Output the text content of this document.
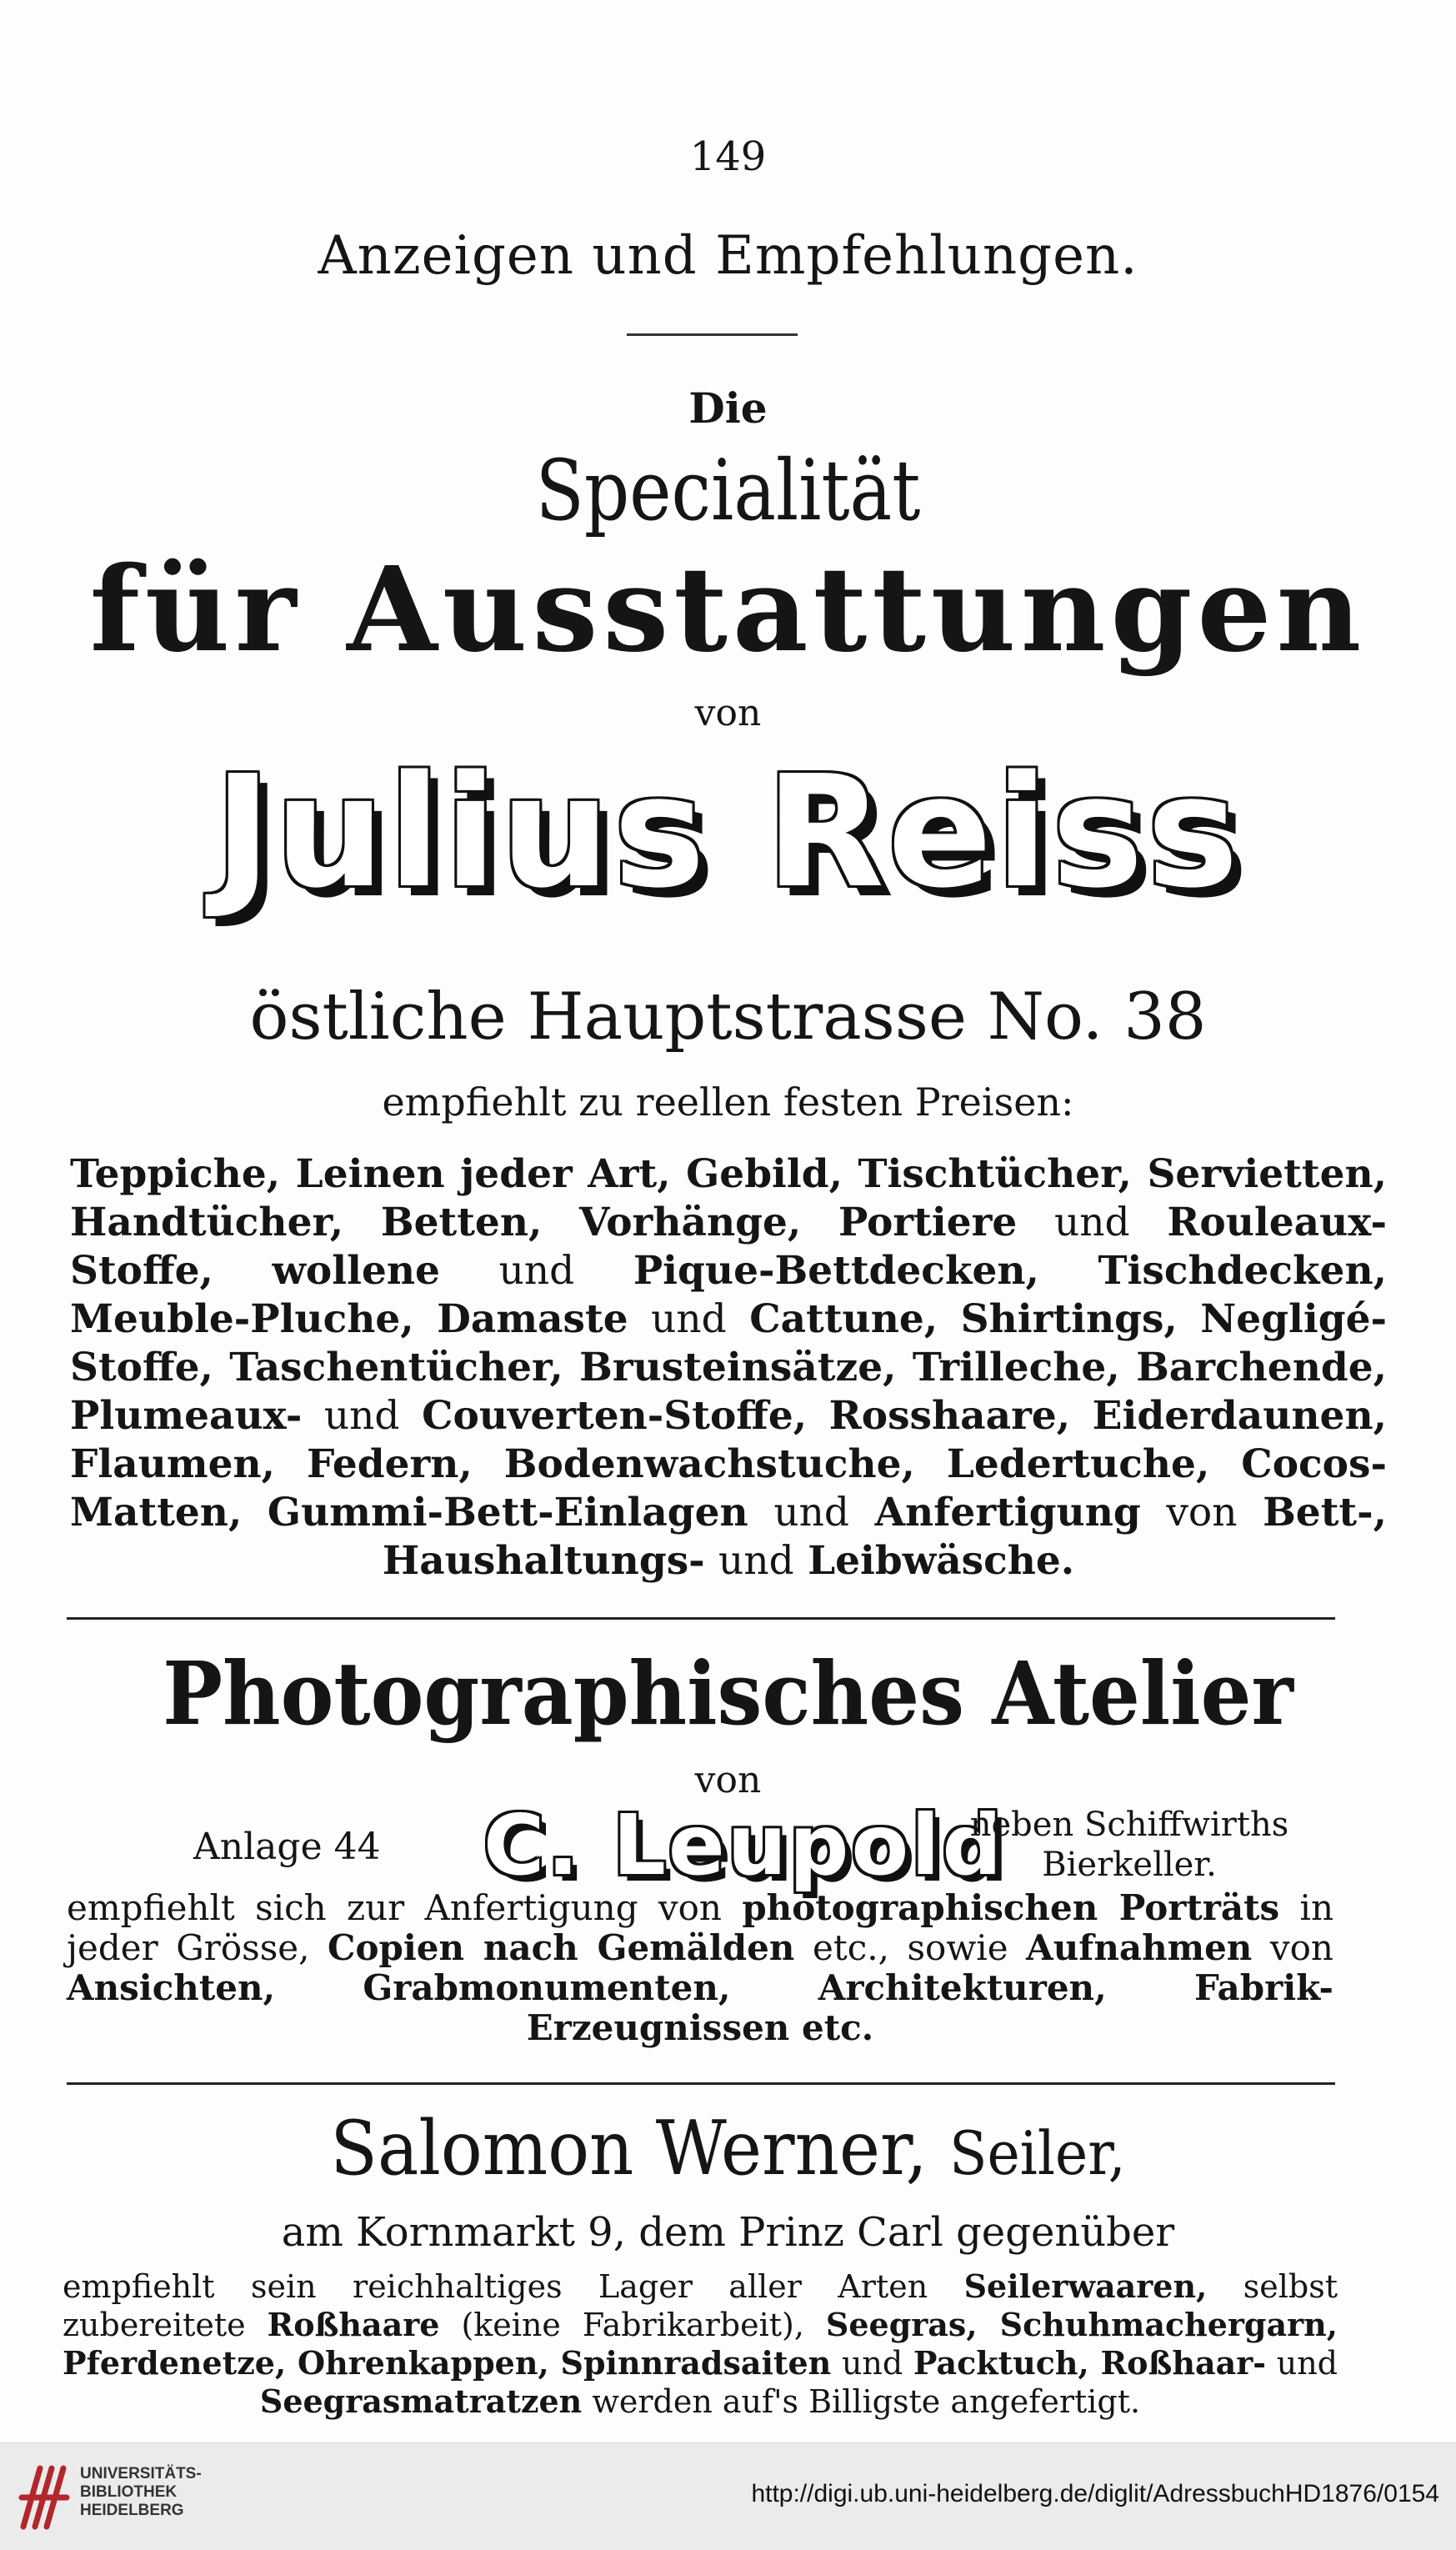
149
Anzeigen und Empfehlungen.
Die
Specialität
für Ausstattungen
von
Julius Reiss
östliche Hauptstrasse No. 38
empfiehlt zu reellen festen Preisen:
Teppiche, Leinen jeder Art, Gebild, Tischtücher, Servietten, Handtücher, Betten, Vorhänge, Portiere und Rouleaux-Stoffe, wollene und Pique-Bettdecken, Tischdecken, Meuble-Pluche, Damaste und Cattune, Shirtings, Negligé-Stoffe, Taschentücher, Brusteinsätze, Trilleche, Barchende, Plumeaux- und Couverten-Stoffe, Rosshaare, Eiderdaunen, Flaumen, Federn, Bodenwachstuche, Ledertuche, Cocos-Matten, Gummi-Bett-Einlagen und Anfertigung von Bett-, Haushaltungs- und Leibwäsche.
Photographisches Atelier
von
Anlage 44 C. Leupold
neben Schiffwirths
Bierkeller.
empfiehlt sich zur Anfertigung von photographischen Porträts in jeder Grösse, Copien nach Gemälden etc., sowie Aufnahmen von Ansichten, Grabmonumenten, Architekturen, Fabrik-Erzeugnissen etc.
Salomon Werner, Seiler,
am Kornmarkt 9, dem Prinz Carl gegenüber
empfiehlt sein reichhaltiges Lager aller Arten Seilerwaaren, selbst zubereitete Roßhaare (keine Fabrikarbeit), Seegras, Schuhmachergarn, Pferdenetze, Ohrenkappen, Spinnradsaiten und Packtuch, Roßhaar- und Seegrasmatratzen werden auf's Billigste angefertigt.
UNIVERSITÄTS-
BIBLIOTHEK
HEIDELBERG
http://digi.ub.uni-heidelberg.de/diglit/AdressbuchHD1876/0154
